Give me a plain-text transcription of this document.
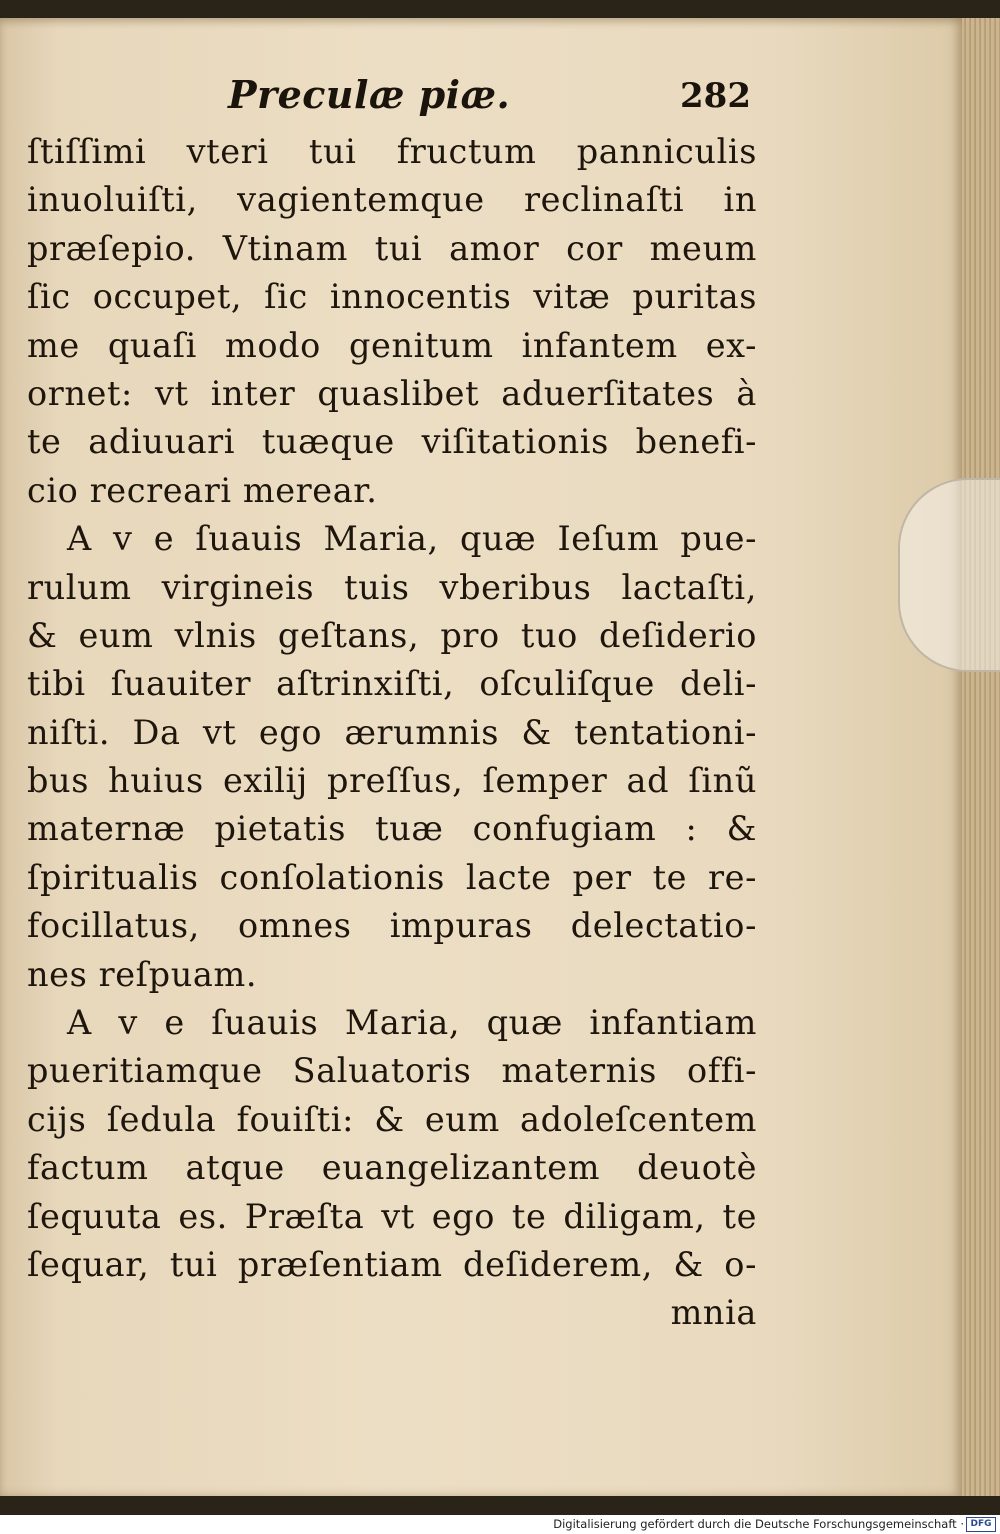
Preculæ piæ.	282
ſtiſſimi vteri tui fructum panniculis
inuoluiſti, vagientemque reclinaſti in
præſepio. Vtinam tui amor cor meum
ſic occupet, ſic innocentis vitæ puritas
me quaſi modo genitum infantem ex-
ornet: vt inter quaslibet aduerſitates à
te adiuuari tuæque viſitationis benefi-
cio recreari merear.
A v e ſuauis Maria, quæ Ieſum pue-
rulum virgineis tuis vberibus lactaſti,
& eum vlnis geſtans, pro tuo deſiderio
tibi ſuauiter aſtrinxiſti, oſculiſque deli-
niſti. Da vt ego ærumnis & tentationi-
bus huius exilij preſſus, ſemper ad ſinũ
maternæ pietatis tuæ confugiam : &
ſpiritualis conſolationis lacte per te re-
focillatus, omnes impuras delectatio-
nes reſpuam.
A v e ſuauis Maria, quæ infantiam
pueritiamque Saluatoris maternis offi-
cijs ſedula fouiſti: & eum adoleſcentem
factum atque euangelizantem deuotè
ſequuta es. Præſta vt ego te diligam, te
ſequar, tui præſentiam deſiderem, & o-
mnia
Digitalisierung gefördert durch die Deutsche Forschungsgemeinschaft · DFG
